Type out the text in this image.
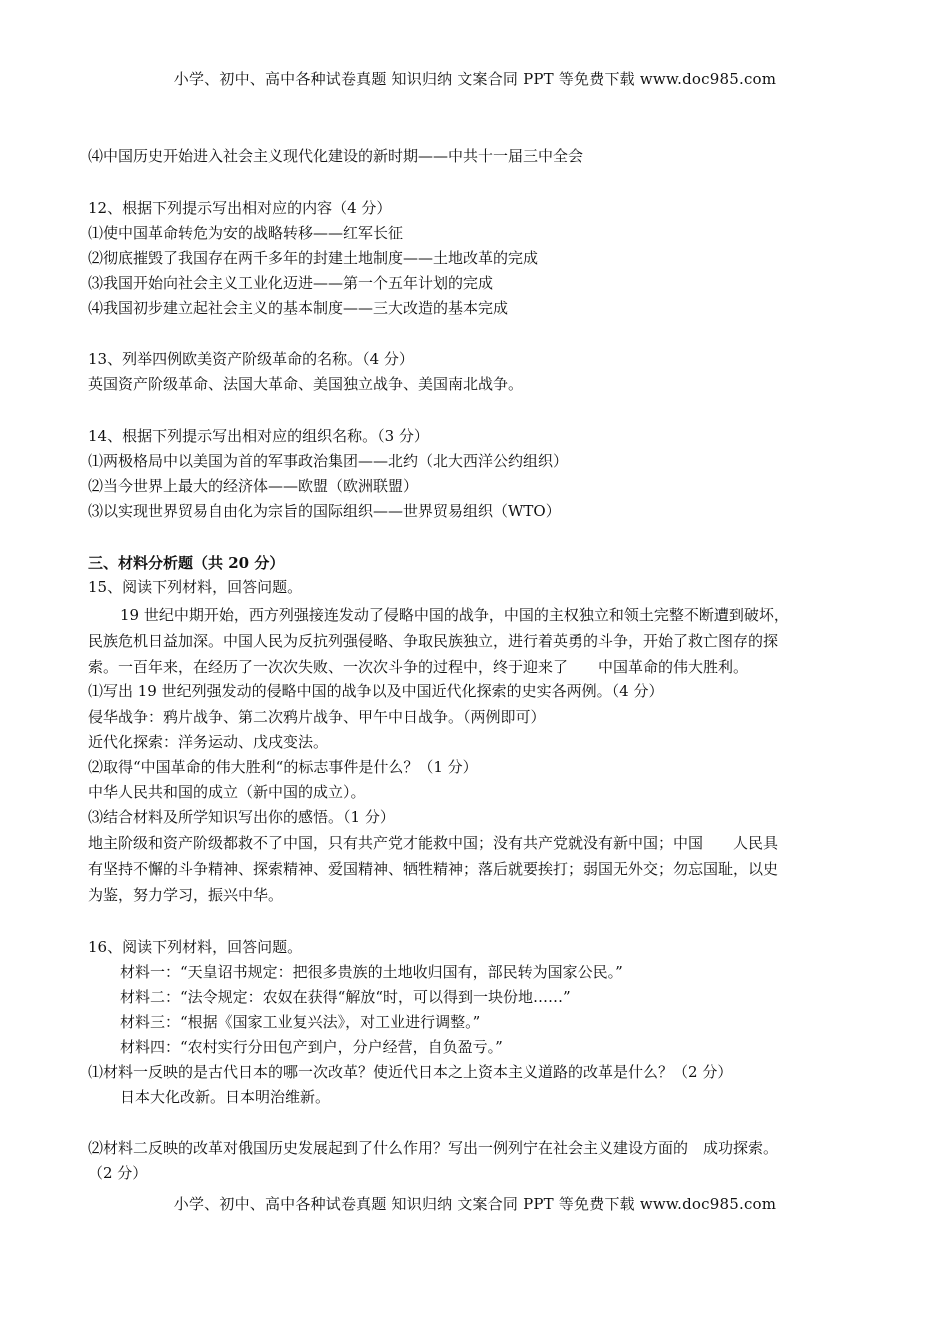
小学、初中、高中各种试卷真题 知识归纳 文案合同 PPT 等免费下载 www.doc985.com
⑷中国历史开始进入社会主义现代化建设的新时期——中共十一届三中全会
12、根据下列提示写出相对应的内容（4 分）
⑴使中国革命转危为安的战略转移——红军长征
⑵彻底摧毁了我国存在两千多年的封建土地制度——土地改革的完成
⑶我国开始向社会主义工业化迈进——第一个五年计划的完成
⑷我国初步建立起社会主义的基本制度——三大改造的基本完成
13、列举四例欧美资产阶级革命的名称。（4 分）
英国资产阶级革命、法国大革命、美国独立战争、美国南北战争。
14、根据下列提示写出相对应的组织名称。（3 分）
⑴两极格局中以美国为首的军事政治集团——北约（北大西洋公约组织）
⑵当今世界上最大的经济体——欧盟（欧洲联盟）
⑶以实现世界贸易自由化为宗旨的国际组织——世界贸易组织（WTO）
三、材料分析题（共 20 分）
15、阅读下列材料，回答问题。
19 世纪中期开始，西方列强接连发动了侵略中国的战争，中国的主权独立和领土完整不断遭到破坏，
民族危机日益加深。中国人民为反抗列强侵略、争取民族独立，进行着英勇的斗争，开始了救亡图存的探
索。一百年来，在经历了一次次失败、一次次斗争的过程中，终于迎来了　　中国革命的伟大胜利。
⑴写出 19 世纪列强发动的侵略中国的战争以及中国近代化探索的史实各两例。（4 分）
侵华战争：鸦片战争、第二次鸦片战争、甲午中日战争。（两例即可）
近代化探索：洋务运动、戊戌变法。
⑵取得“中国革命的伟大胜利“的标志事件是什么？（1 分）
中华人民共和国的成立（新中国的成立）。
⑶结合材料及所学知识写出你的感悟。（1 分）
地主阶级和资产阶级都救不了中国，只有共产党才能救中国；没有共产党就没有新中国；中国　　人民具
有坚持不懈的斗争精神、探索精神、爱国精神、牺牲精神；落后就要挨打；弱国无外交；勿忘国耻，以史
为鉴，努力学习，振兴中华。
16、阅读下列材料，回答问题。
材料一：“天皇诏书规定：把很多贵族的土地收归国有，部民转为国家公民。”
材料二：“法令规定：农奴在获得“解放“时，可以得到一块份地……”
材料三：“根据《国家工业复兴法》，对工业进行调整。”
材料四：“农村实行分田包产到户，分户经营，自负盈亏。”
⑴材料一反映的是古代日本的哪一次改革？使近代日本之上资本主义道路的改革是什么？（2 分）
日本大化改新。日本明治维新。
⑵材料二反映的改革对俄国历史发展起到了什么作用？写出一例列宁在社会主义建设方面的　成功探索。
（2 分）
小学、初中、高中各种试卷真题 知识归纳 文案合同 PPT 等免费下载 www.doc985.com
